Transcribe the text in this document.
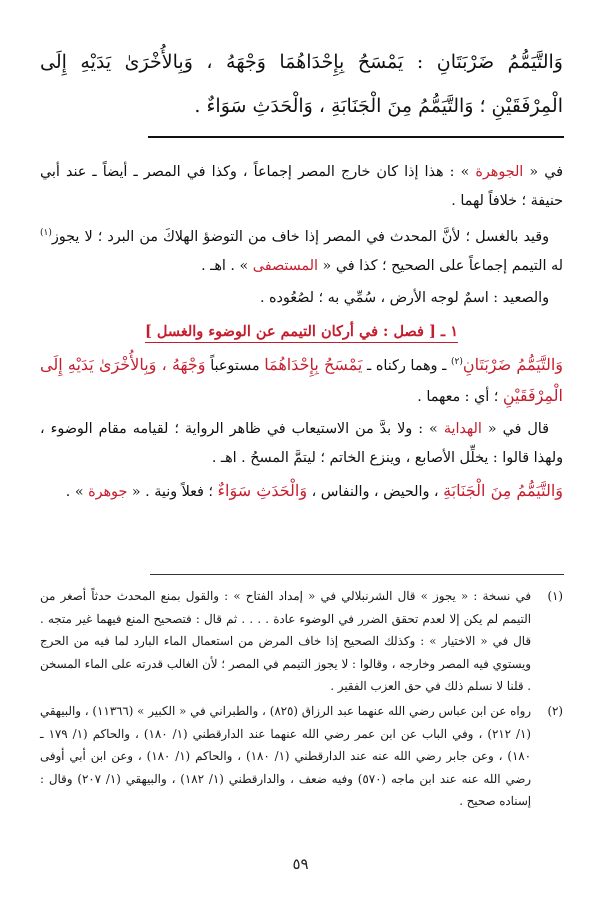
وَالتَّيَمُّمُ ضَرْبَتَانِ : يَمْسَحُ بِإِحْدَاهُمَا وَجْهَهُ ، وَبِالأُخْرَىٰ يَدَيْهِ إِلَى الْمِرْفَقَيْنِ ؛ وَالتَّيَمُّمُ مِنَ الْجَنَابَةِ ، وَالْحَدَثِ سَوَاءٌ .

في « الجوهرة » : هذا إذا كان خارج المصر إجماعاً ، وكذا في المصر ـ أيضاً ـ عند أبي حنيفة ؛ خلافاً لهما .

وقيد بالغسل ؛ لأنَّ المحدث في المصر إذا خاف من التوضؤ الهلاكَ من البرد ؛ لا يجوز$^{(١)}$ له التيمم إجماعاً على الصحيح ؛ كذا في « المستصفى » . اهـ .

والصعيد : اسمٌ لوجه الأرض ، سُمِّي به ؛ لصُعُوده .

١ ـ [ فصل : في أركان التيمم عن الوضوء والغسل ]

وَالتَّيَمُّمُ ضَرْبَتَانِ$^{(٢)}$ ـ وهما ركناه ـ يَمْسَحُ بِإِحْدَاهُمَا مستوعباً وَجْهَهُ ، وَبِالأُخْرَىٰ يَدَيْهِ إِلَى الْمِرْفَقَيْنِ ؛ أي : معهما .

قال في « الهداية » : ولا بدَّ من الاستيعاب في ظاهر الرواية ؛ لقيامه مقام الوضوء ، ولهذا قالوا : يخلِّل الأصابع ، وينزع الخاتم ؛ ليتمَّ المسحُ . اهـ .

وَالتَّيَمُّمُ مِنَ الْجَنَابَةِ ، والحيض ، والنفاس ، وَالْحَدَثِ سَوَاءٌ ؛ فعلاً ونية . « جوهرة » .

(١)
في نسخة : « يجوز » قال الشرنبلالي في « إمداد الفتاح » : والقول بمنع المحدث حدثاً أصغر من التيمم لم يكن إلا لعدم تحقق الضرر في الوضوء عادة . . . . ثم قال : فتصحيح المنع فيهما غير متجه . قال في « الاختيار » : وكذلك الصحيح إذا خاف المرض من استعمال الماء البارد لما فيه من الحرج ويستوي فيه المصر وخارجه ، وقالوا : لا يجوز التيمم في المصر ؛ لأن الغالب قدرته على الماء المسخن . قلنا لا نسلم ذلك في حق العزب الفقير .
(٢)
رواه عن ابن عباس رضي الله عنهما عبد الرزاق (٨٢٥) ، والطبراني في « الكبير » (١١٣٦٦) ، والبيهقي (١/ ٢١٢) ، وفي الباب عن ابن عمر رضي الله عنهما عند الدارقطني (١/ ١٨٠) ، والحاكم (١/ ١٧٩ ـ ١٨٠) ، وعن جابر رضي الله عنه عند الدارقطني (١/ ١٨٠) ، والحاكم (١/ ١٨٠) ، وعن ابن أبي أوفى رضي الله عنه عند ابن ماجه (٥٧٠) وفيه ضعف ، والدارقطني (١/ ١٨٢) ، والبيهقي (١/ ٢٠٧) وقال : إسناده صحيح .
٥٩
